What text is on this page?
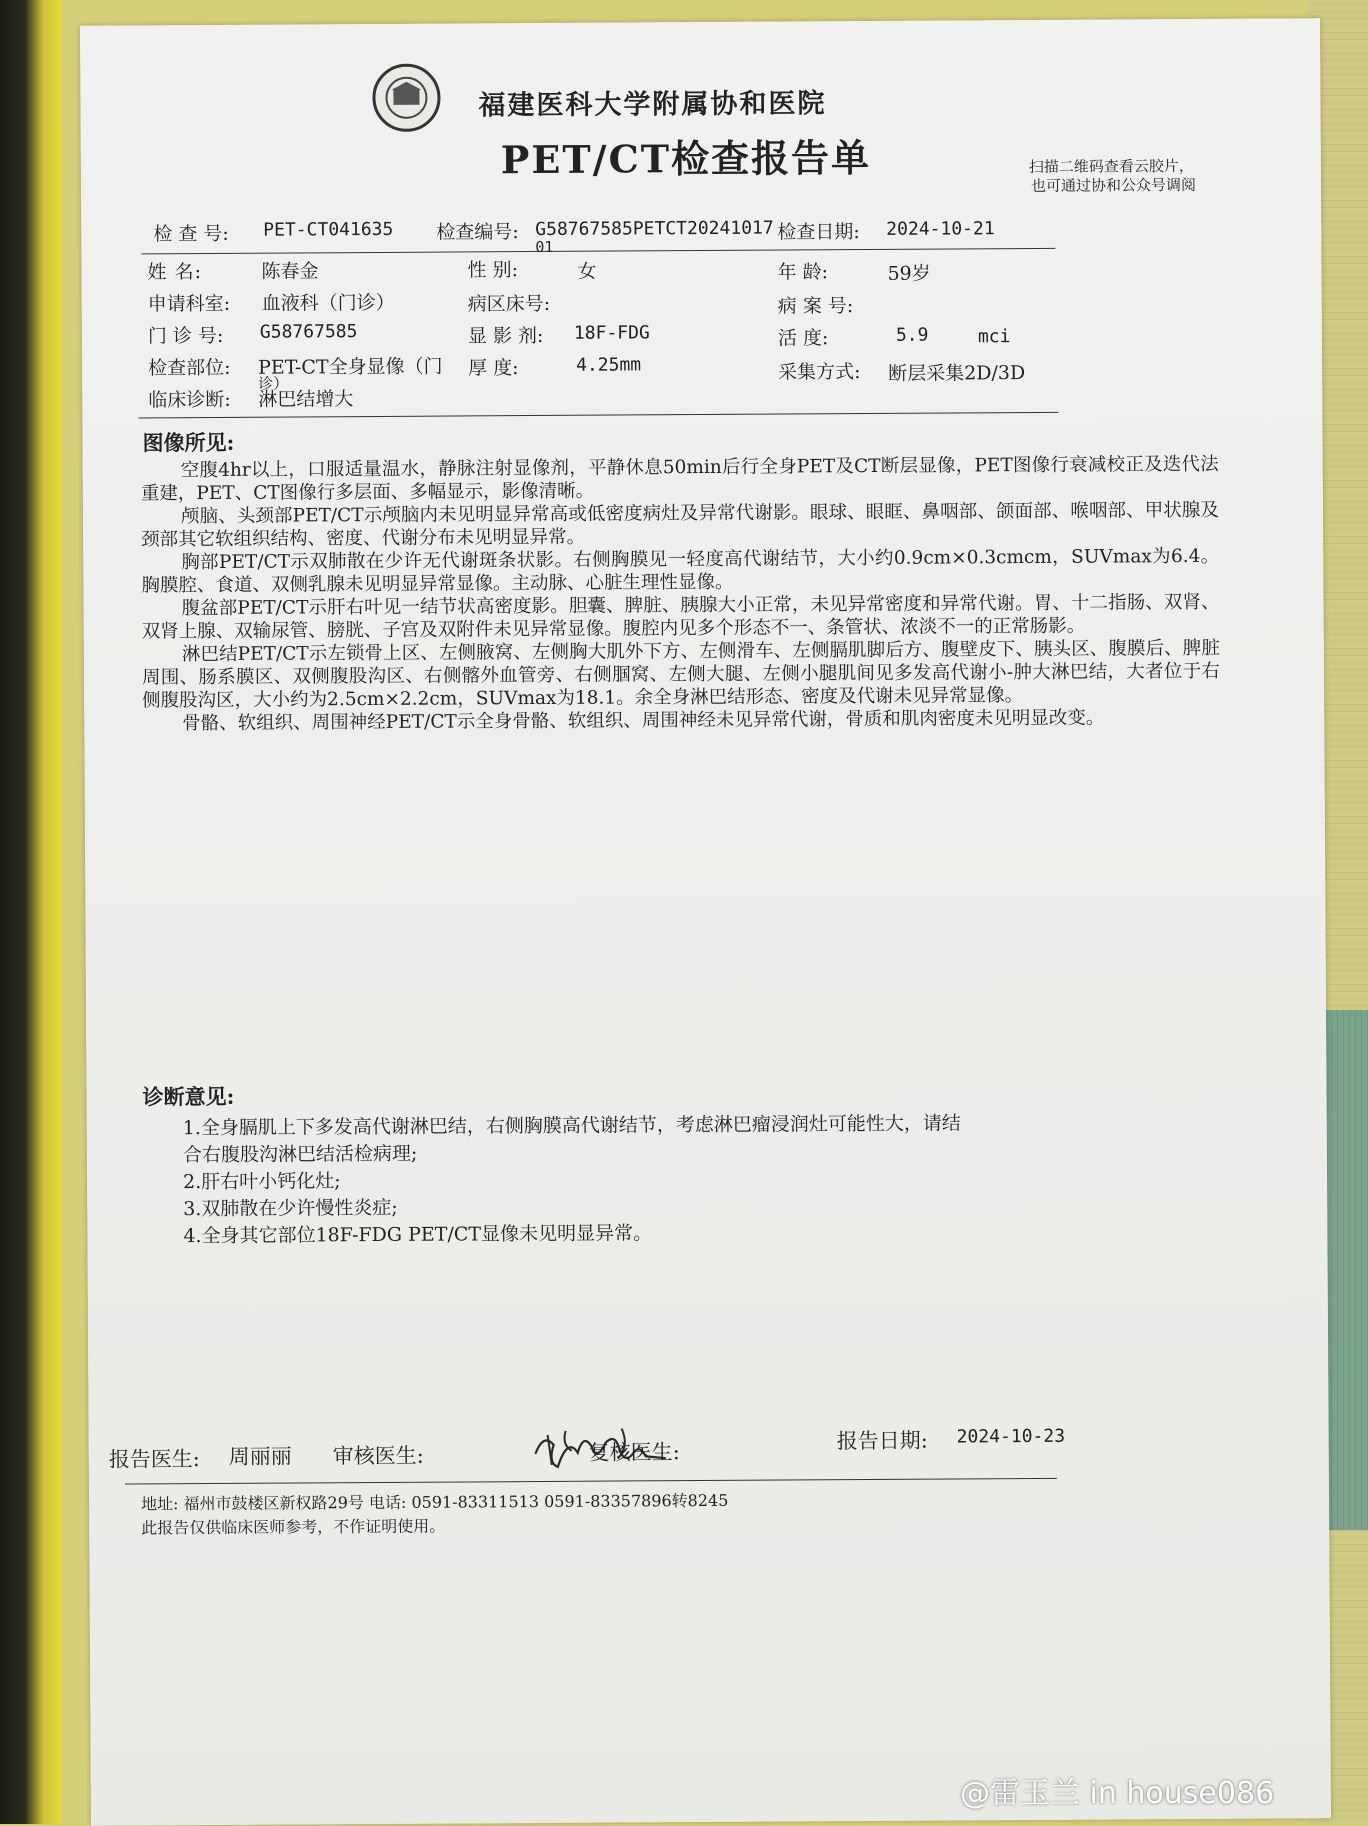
福建医科大学附属协和医院
PET/CT检查报告单	扫描二维码查看云胶片，
也可通过协和公众号调阅
检 查 号: PET-CT041635 检查编号: G58767585PETCT20241017
01
检查日期: 2024-10-21
姓 名:	陈春金	性 别:	女	年 龄:	59岁
申请科室: 血液科（门诊）	病区床号:	病 案 号:
门 诊 号: G58767585	显 影 剂: 18F-FDG	活 度:	5.9	mci
检查部位: PET-CT全身显像（门
诊）
厚 度:	4.25mm	采集方式: 断层采集2D/3D
临床诊断: 淋巴结增大
图像所见:

空腹4hr以上，口服适量温水，静脉注射显像剂，平静休息50min后行全身PET及CT断层显像，PET图像行衰减校正及迭代法重建，PET、CT图像行多层面、多幅显示，影像清晰。

颅脑、头颈部PET/CT示颅脑内未见明显异常高或低密度病灶及异常代谢影。眼球、眼眶、鼻咽部、颌面部、喉咽部、甲状腺及颈部其它软组织结构、密度、代谢分布未见明显异常。

胸部PET/CT示双肺散在少许无代谢斑条状影。右侧胸膜见一轻度高代谢结节，大小约0.9cm×0.3cmcm，SUVmax为6.4。胸膜腔、食道、双侧乳腺未见明显异常显像。主动脉、心脏生理性显像。

腹盆部PET/CT示肝右叶见一结节状高密度影。胆囊、脾脏、胰腺大小正常，未见异常密度和异常代谢。胃、十二指肠、双肾、双肾上腺、双输尿管、膀胱、子宫及双附件未见异常显像。腹腔内见多个形态不一、条管状、浓淡不一的正常肠影。

淋巴结PET/CT示左锁骨上区、左侧腋窝、左侧胸大肌外下方、左侧滑车、左侧膈肌脚后方、腹壁皮下、胰头区、腹膜后、脾脏周围、肠系膜区、双侧腹股沟区、右侧髂外血管旁、右侧腘窝、左侧大腿、左侧小腿肌间见多发高代谢小-肿大淋巴结，大者位于右侧腹股沟区，大小约为2.5cm×2.2cm，SUVmax为18.1。余全身淋巴结形态、密度及代谢未见异常显像。

骨骼、软组织、周围神经PET/CT示全身骨骼、软组织、周围神经未见异常代谢，骨质和肌肉密度未见明显改变。

诊断意见:
1.全身膈肌上下多发高代谢淋巴结，右侧胸膜高代谢结节，考虑淋巴瘤浸润灶可能性大，请结
合右腹股沟淋巴结活检病理;
2.肝右叶小钙化灶;
3.双肺散在少许慢性炎症;
4.全身其它部位18F-FDG PET/CT显像未见明显异常。
报告医生: 周丽丽 审核医生:	复核医生:	报告日期: 2024-10-23
地址: 福州市鼓楼区新权路29号 电话: 0591-83311513 0591-83357896转8245
此报告仅供临床医师参考，不作证明使用。
@雷玉兰 in house086
